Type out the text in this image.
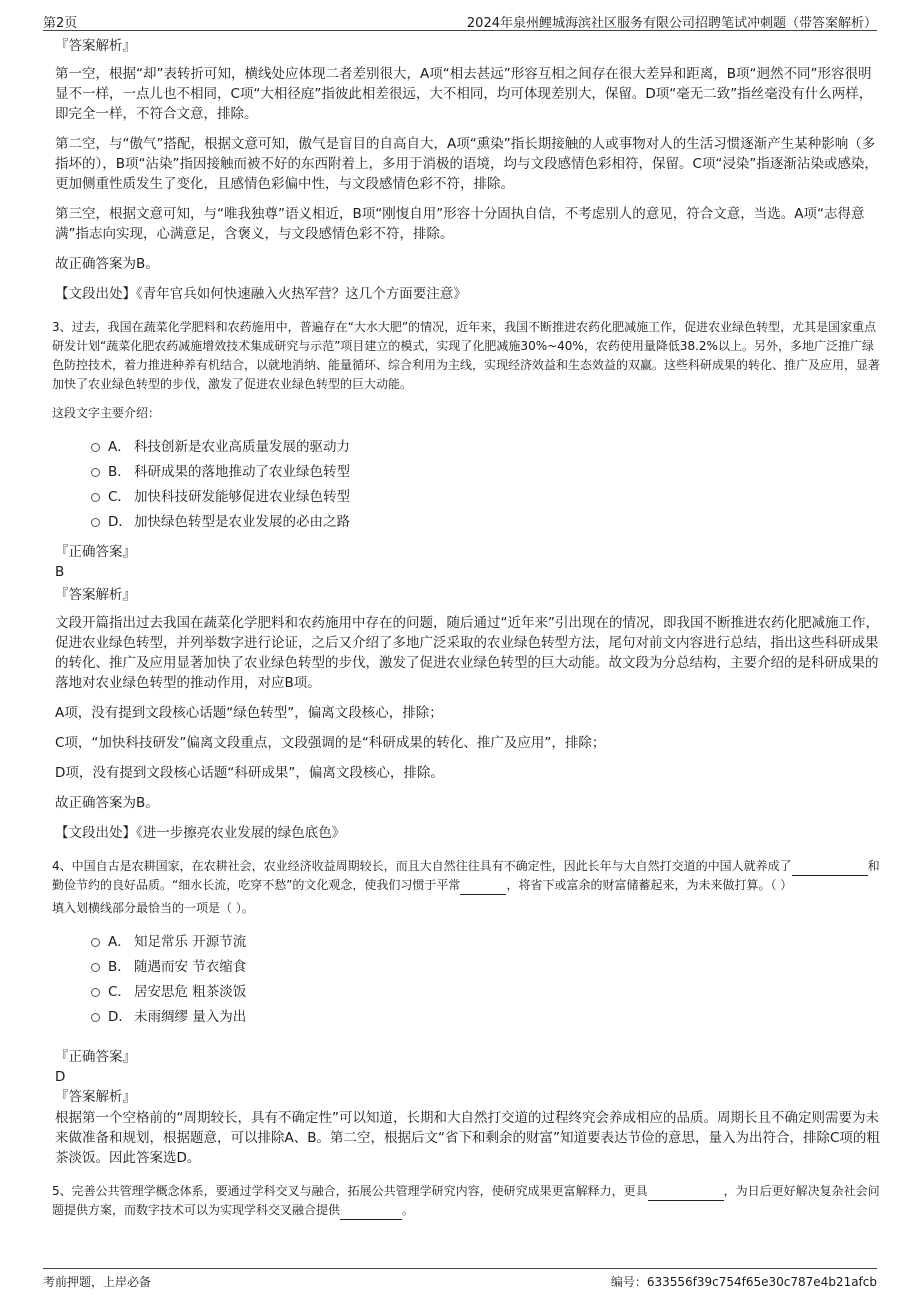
第2页	2024年泉州鲤城海滨社区服务有限公司招聘笔试冲刺题（带答案解析）
『答案解析』
第一空，根据“却”表转折可知，横线处应体现二者差别很大，A项“相去甚远”形容互相之间存在很大差异和距离，B项“迥然不同”形容很明显不一样，一点儿也不相同，C项“大相径庭”指彼此相差很远，大不相同，均可体现差别大，保留。D项“毫无二致”指丝毫没有什么两样，即完全一样，不符合文意，排除。
第二空，与“傲气”搭配，根据文意可知，傲气是盲目的自高自大，A项“熏染”指长期接触的人或事物对人的生活习惯逐渐产生某种影响（多指坏的），B项“沾染”指因接触而被不好的东西附着上，多用于消极的语境，均与文段感情色彩相符，保留。C项“浸染”指逐渐沾染或感染，更加侧重性质发生了变化，且感情色彩偏中性，与文段感情色彩不符，排除。
第三空，根据文意可知，与“唯我独尊”语义相近，B项“刚愎自用”形容十分固执自信，不考虑别人的意见，符合文意，当选。A项“志得意满”指志向实现，心满意足，含褒义，与文段感情色彩不符，排除。
故正确答案为B。
【文段出处】《青年官兵如何快速融入火热军营？这几个方面要注意》
3、过去，我国在蔬菜化学肥料和农药施用中，普遍存在“大水大肥”的情况，近年来，我国不断推进农药化肥减施工作，促进农业绿色转型，尤其是国家重点研发计划“蔬菜化肥农药减施增效技术集成研究与示范”项目建立的模式，实现了化肥减施30%~40%，农药使用量降低38.2%以上。另外，多地广泛推广绿色防控技术，着力推进种养有机结合，以就地消纳、能量循环、综合利用为主线，实现经济效益和生态效益的双赢。这些科研成果的转化、推广及应用，显著加快了农业绿色转型的步伐，激发了促进农业绿色转型的巨大动能。
这段文字主要介绍：
A． 科技创新是农业高质量发展的驱动力
B． 科研成果的落地推动了农业绿色转型
C． 加快科技研发能够促进农业绿色转型
D． 加快绿色转型是农业发展的必由之路
『正确答案』
B
『答案解析』
文段开篇指出过去我国在蔬菜化学肥料和农药施用中存在的问题，随后通过“近年来”引出现在的情况，即我国不断推进农药化肥减施工作，促进农业绿色转型，并列举数字进行论证，之后又介绍了多地广泛采取的农业绿色转型方法，尾句对前文内容进行总结，指出这些科研成果的转化、推广及应用显著加快了农业绿色转型的步伐，激发了促进农业绿色转型的巨大动能。故文段为分总结构，主要介绍的是科研成果的落地对农业绿色转型的推动作用，对应B项。
A项，没有提到文段核心话题“绿色转型”，偏离文段核心，排除；
C项，“加快科技研发”偏离文段重点，文段强调的是“科研成果的转化、推广及应用”，排除；
D项，没有提到文段核心话题“科研成果”，偏离文段核心，排除。
故正确答案为B。
【文段出处】《进一步擦亮农业发展的绿色底色》
4、中国自古是农耕国家，在农耕社会，农业经济收益周期较长，而且大自然往往具有不确定性，因此长年与大自然打交道的中国人就养成了	和勤俭节约的良好品质。“细水长流，吃穿不愁”的文化观念，使我们习惯于平常	，将省下或富余的财富储蓄起来，为未来做打算。（ ）
填入划横线部分最恰当的一项是（ ）。
A． 知足常乐 开源节流
B． 随遇而安 节衣缩食
C． 居安思危 粗茶淡饭
D． 未雨绸缪 量入为出
『正确答案』
D
『答案解析』
根据第一个空格前的“周期较长，具有不确定性”可以知道，长期和大自然打交道的过程终究会养成相应的品质。周期长且不确定则需要为未来做准备和规划，根据题意，可以排除A、B。第二空，根据后文“省下和剩余的财富”知道要表达节俭的意思，量入为出符合，排除C项的粗茶淡饭。因此答案选D。
5、完善公共管理学概念体系，要通过学科交叉与融合，拓展公共管理学研究内容，使研究成果更富解释力，更具	，为日后更好解决复杂社会问题提供方案，而数字技术可以为实现学科交叉融合提供	。
考前押题，上岸必备	编号：633556f39c754f65e30c787e4b21afcb
